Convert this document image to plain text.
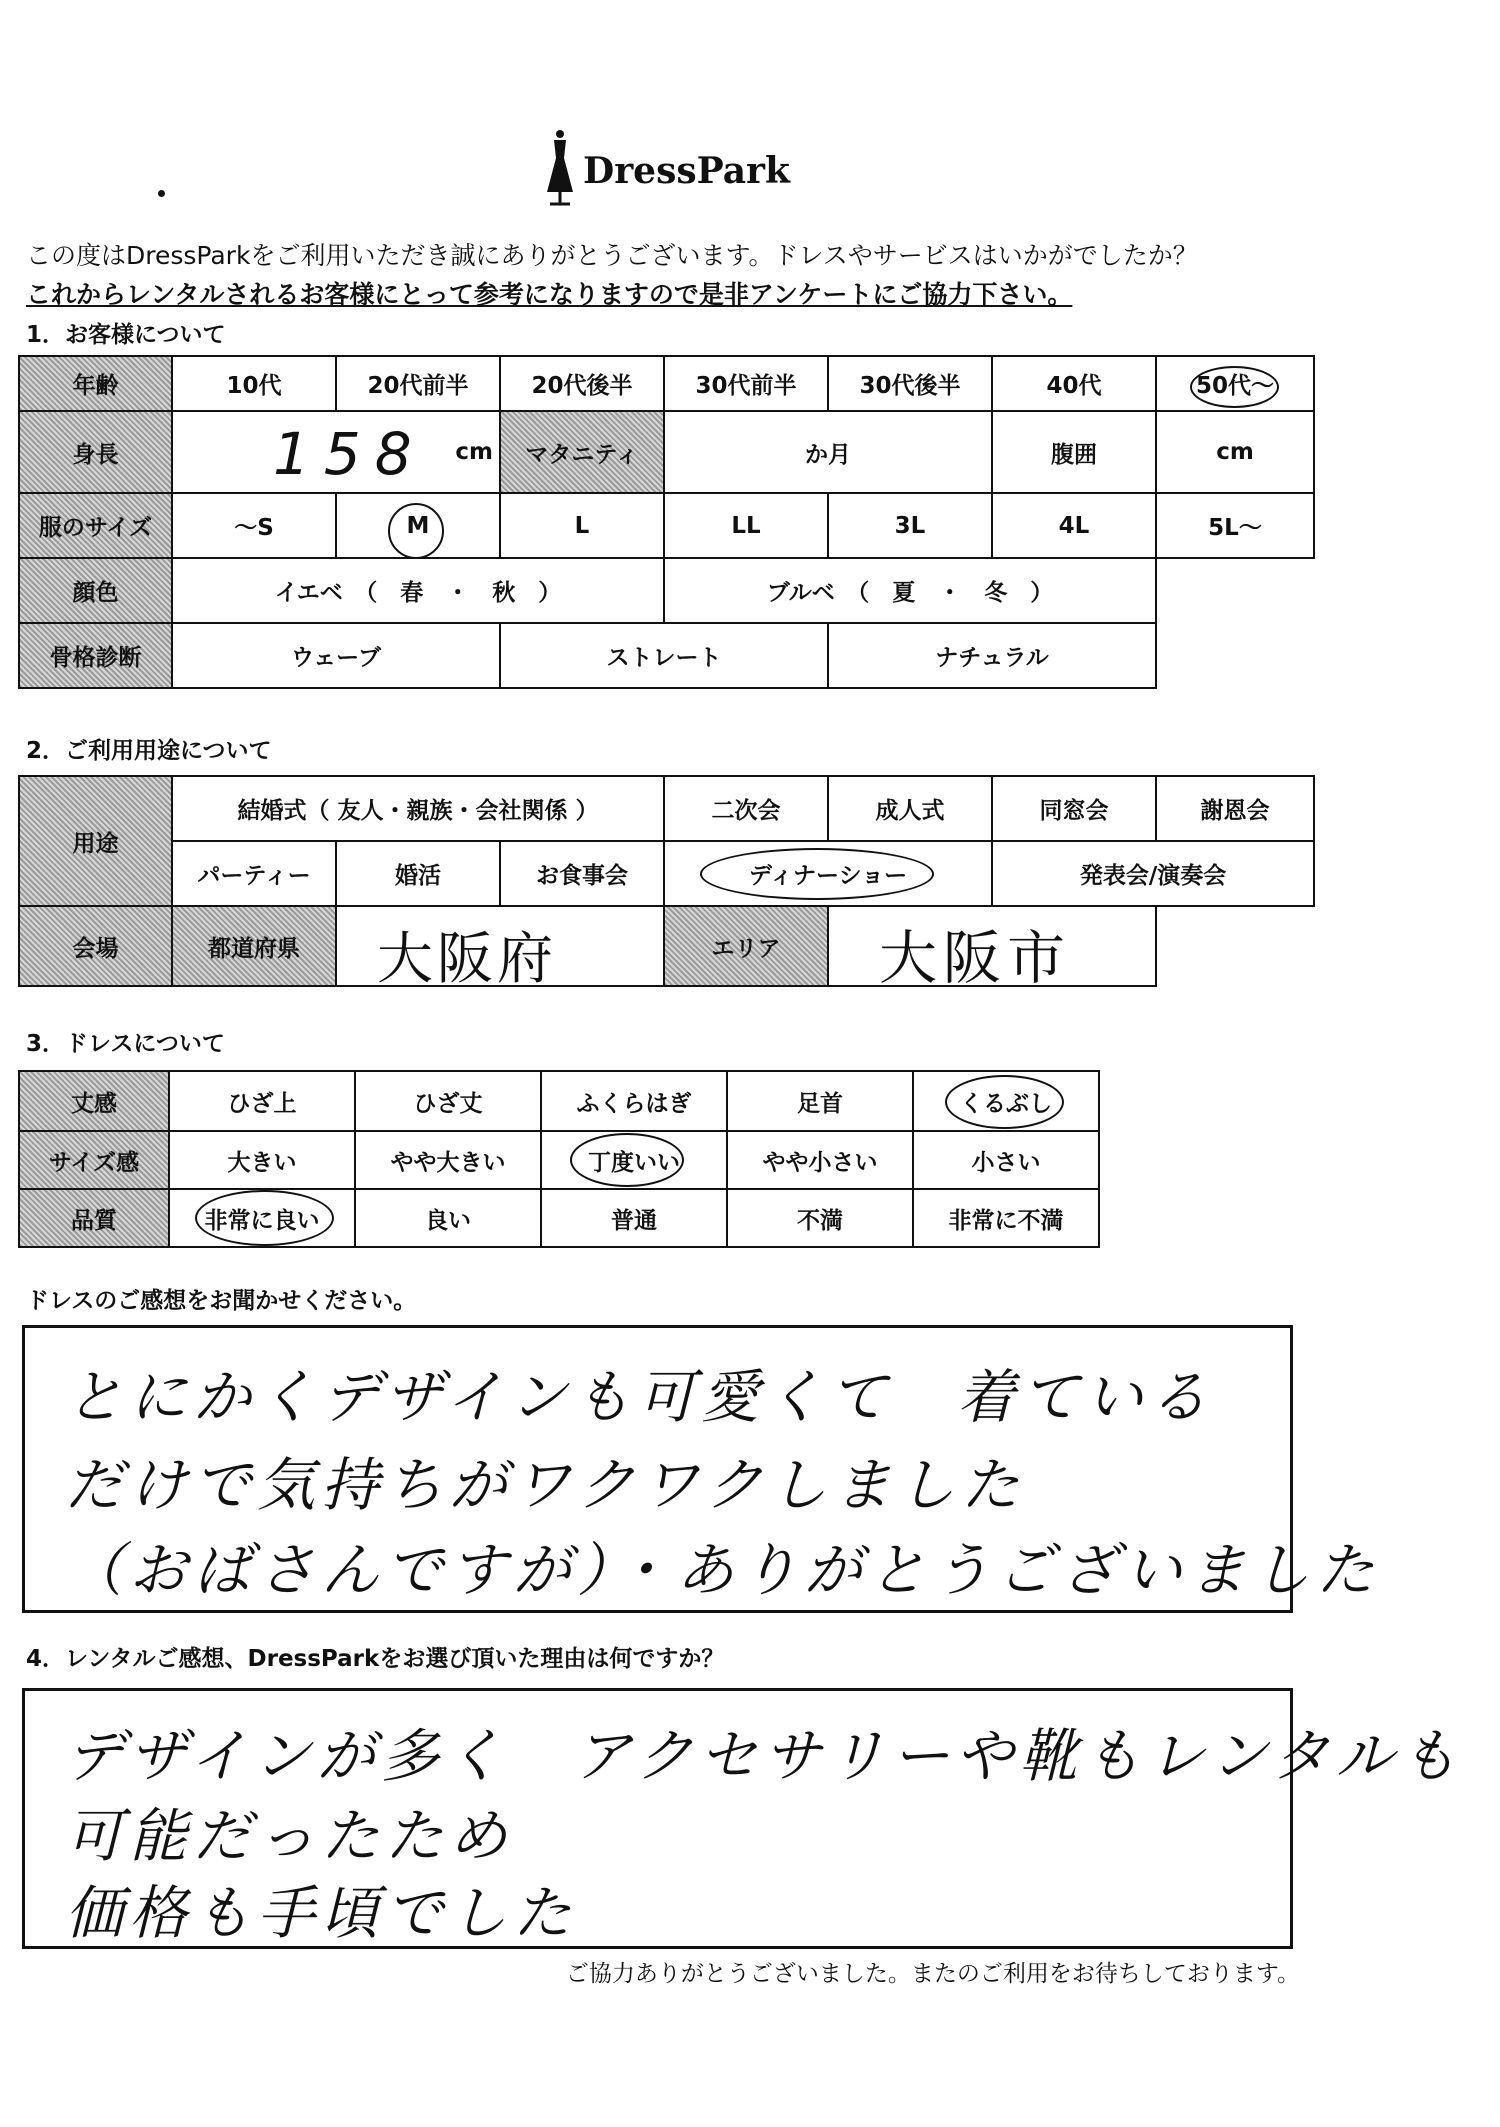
DressPark
この度はDressParkをご利用いただき誠にありがとうございます。ドレスやサービスはいかがでしたか？
これからレンタルされるお客様にとって参考になりますので是非アンケートにご協力下さい。
1．お客様について
年齢	10代	20代前半	20代後半	30代前半	30代後半	40代	50代～
身長	158 cm		マタニティ	か月		腹囲	cm
服のサイズ	～S	M	L	LL	3L	4L	5L～
顔色	イエベ　（　春　・　秋　）			ブルベ　（　夏　・　冬　）			
骨格診断	ウェーブ		ストレート		ナチュラル		
2．ご利用用途について
用途	結婚式（ 友人・親族・会社関係 ）			二次会	成人式	同窓会	謝恩会
	パーティー	婚活	お食事会	ディナーショー		発表会/演奏会	
会場	都道府県	大阪府		エリア	大阪市		

3．ドレスについて
丈感	ひざ上	ひざ丈	ふくらはぎ	足首	くるぶし
サイズ感	大きい	やや大きい	丁度いい	やや小さい	小さい
品質	非常に良い	良い	普通	不満	非常に不満
ドレスのご感想をお聞かせください。
とにかくデザインも可愛くて　着ている
だけで気持ちがワクワクしました
（おばさんですが）・ありがとうございました
4．レンタルご感想、DressParkをお選び頂いた理由は何ですか？
デザインが多く　アクセサリーや靴もレンタルも
可能だったため
価格も手頃でした
ご協力ありがとうございました。またのご利用をお待ちしております。
